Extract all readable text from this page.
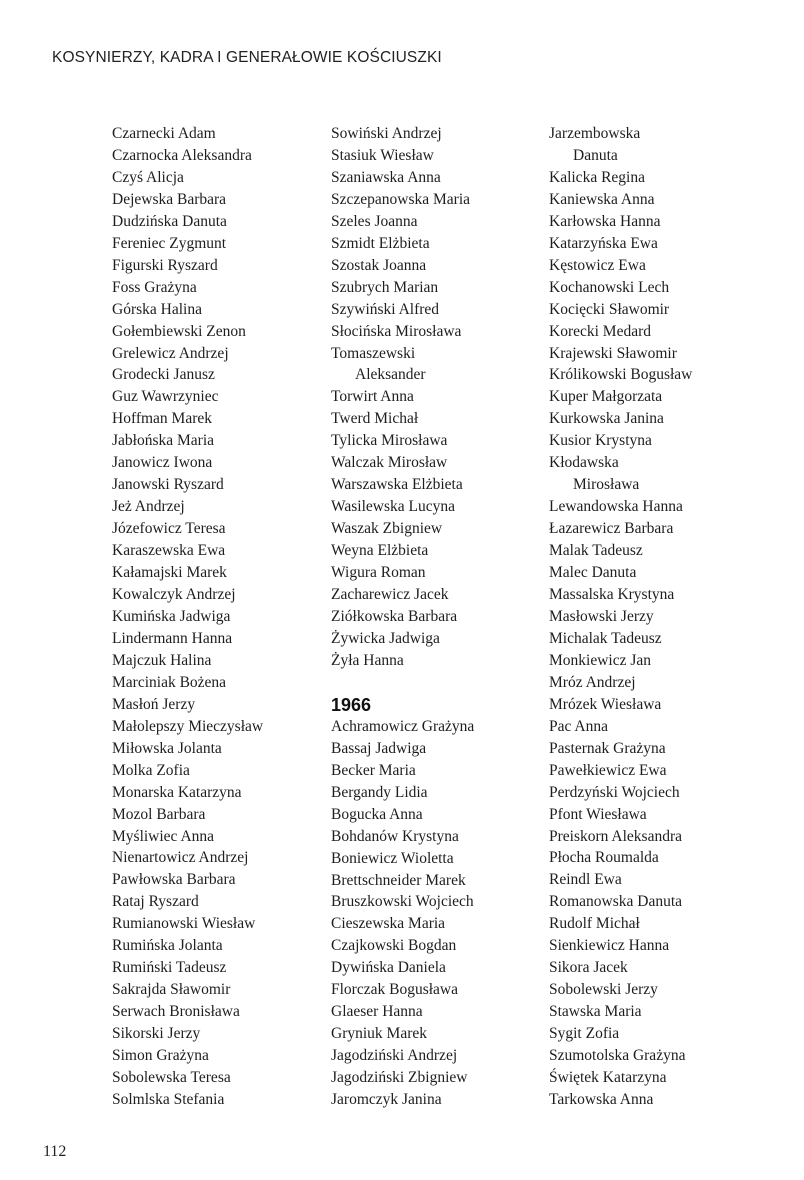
KOSYNIERZY, KADRA I GENERAŁOWIE KOŚCIUSZKI
Czarnecki Adam
Czarnocka Aleksandra
Czyś Alicja
Dejewska Barbara
Dudzińska Danuta
Fereniec Zygmunt
Figurski Ryszard
Foss Grażyna
Górska Halina
Gołembiewski Zenon
Grelewicz Andrzej
Grodecki Janusz
Guz Wawrzyniec
Hoffman Marek
Jabłońska Maria
Janowicz Iwona
Janowski Ryszard
Jeż Andrzej
Józefowicz Teresa
Karaszewska Ewa
Kałamajski Marek
Kowalczyk Andrzej
Kumińska Jadwiga
Lindermann Hanna
Majczuk Halina
Marciniak Bożena
Masłoń Jerzy
Małolepszy Mieczysław
Miłowska Jolanta
Molka Zofia
Monarska Katarzyna
Mozol Barbara
Myśliwiec Anna
Nienartowicz Andrzej
Pawłowska Barbara
Rataj Ryszard
Rumianowski Wiesław
Rumińska Jolanta
Rumiński Tadeusz
Sakrajda Sławomir
Serwach Bronisława
Sikorski Jerzy
Simon Grażyna
Sobolewska Teresa
Solmlska Stefania
Sowiński Andrzej
Stasiuk Wiesław
Szaniawska Anna
Szczepanowska Maria
Szeles Joanna
Szmidt Elżbieta
Szostak Joanna
Szubrych Marian
Szywiński Alfred
Słocińska Mirosława
Tomaszewski
Aleksander
Torwirt Anna
Twerd Michał
Tylicka Mirosława
Walczak Mirosław
Warszawska Elżbieta
Wasilewska Lucyna
Waszak Zbigniew
Weyna Elżbieta
Wigura Roman
Zacharewicz Jacek
Ziółkowska Barbara
Żywicka Jadwiga
Żyła Hanna
1966
Achramowicz Grażyna
Bassaj Jadwiga
Becker Maria
Bergandy Lidia
Bogucka Anna
Bohdanów Krystyna
Boniewicz Wioletta
Brettschneider Marek
Bruszkowski Wojciech
Cieszewska Maria
Czajkowski Bogdan
Dywińska Daniela
Florczak Bogusława
Glaeser Hanna
Gryniuk Marek
Jagodziński Andrzej
Jagodziński Zbigniew
Jaromczyk Janina
Jarzembowska
Danuta
Kalicka Regina
Kaniewska Anna
Karłowska Hanna
Katarzyńska Ewa
Kęstowicz Ewa
Kochanowski Lech
Kocięcki Sławomir
Korecki Medard
Krajewski Sławomir
Królikowski Bogusław
Kuper Małgorzata
Kurkowska Janina
Kusior Krystyna
Kłodawska
Mirosława
Lewandowska Hanna
Łazarewicz Barbara
Malak Tadeusz
Malec Danuta
Massalska Krystyna
Masłowski Jerzy
Michalak Tadeusz
Monkiewicz Jan
Mróz Andrzej
Mrózek Wiesława
Pac Anna
Pasternak Grażyna
Pawełkiewicz Ewa
Perdzyński Wojciech
Pfont Wiesława
Preiskorn Aleksandra
Płocha Roumalda
Reindl Ewa
Romanowska Danuta
Rudolf Michał
Sienkiewicz Hanna
Sikora Jacek
Sobolewski Jerzy
Stawska Maria
Sygit Zofia
Szumotolska Grażyna
Świętek Katarzyna
Tarkowska Anna
112
